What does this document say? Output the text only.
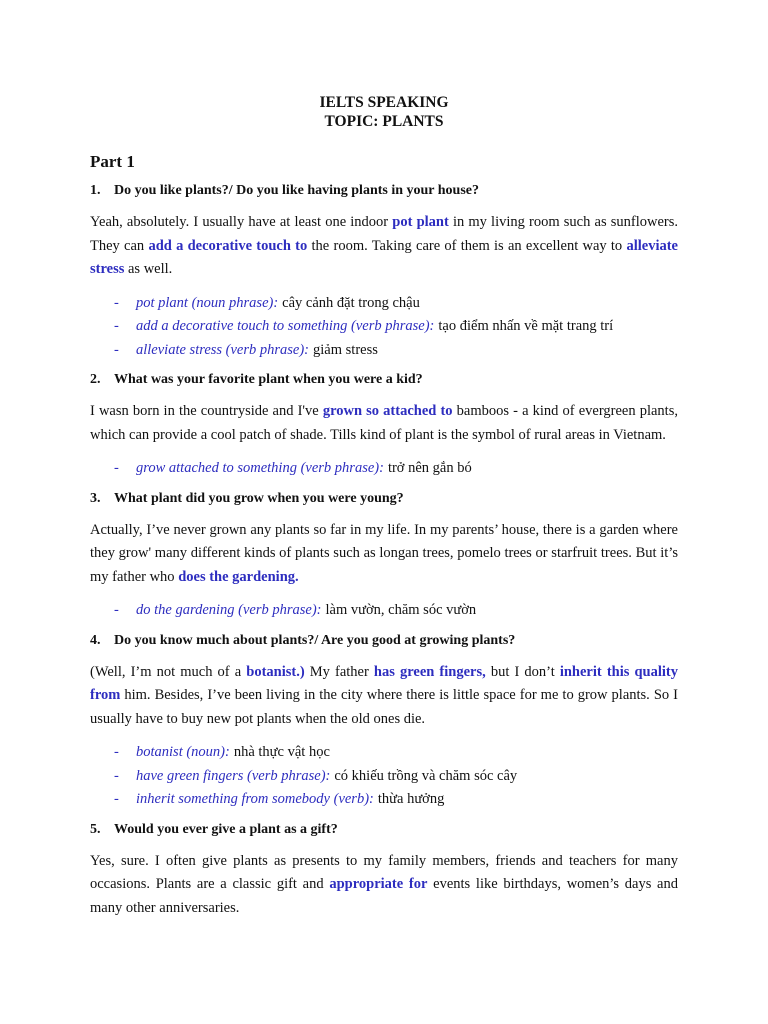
IELTS SPEAKING

TOPIC: PLANTS

Part 1

1. Do you like plants?/ Do you like having plants in your house?

Yeah, absolutely. I usually have at least one indoor pot plant in my living room such as sunflowers. They can add a decorative touch to the room. Taking care of them is an excellent way to alleviate stress as well.

-	pot plant (noun phrase): cây cảnh đặt trong chậu
-	add a decorative touch to something (verb phrase): tạo điểm nhấn về mặt trang trí
-	alleviate stress (verb phrase): giảm stress

2. What was your favorite plant when you were a kid?

I wasn born in the countryside and I've grown so attached to bamboos - a kind of evergreen plants, which can provide a cool patch of shade. Tills kind of plant is the symbol of rural areas in Vietnam.

-	grow attached to something (verb phrase): trở nên gắn bó

3. What plant did you grow when you were young?

Actually, I’ve never grown any plants so far in my life. In my parents’ house, there is a garden where they grow' many different kinds of plants such as longan trees, pomelo trees or starfruit trees. But it’s my father who does the gardening.

-	do the gardening (verb phrase): làm vườn, chăm sóc vườn

4. Do you know much about plants?/ Are you good at growing plants?

(Well, I’m not much of a botanist.) My father has green fingers, but I don’t inherit this quality from him. Besides, I’ve been living in the city where there is little space for me to grow plants. So I usually have to buy new pot plants when the old ones die.

-	botanist (noun): nhà thực vật học
-	have green fingers (verb phrase): có khiếu trồng và chăm sóc cây
-	inherit something from somebody (verb): thừa hưởng

5. Would you ever give a plant as a gift?

Yes, sure. I often give plants as presents to my family members, friends and teachers for many occasions. Plants are a classic gift and appropriate for events like birthdays, women’s days and many other anniversaries.
